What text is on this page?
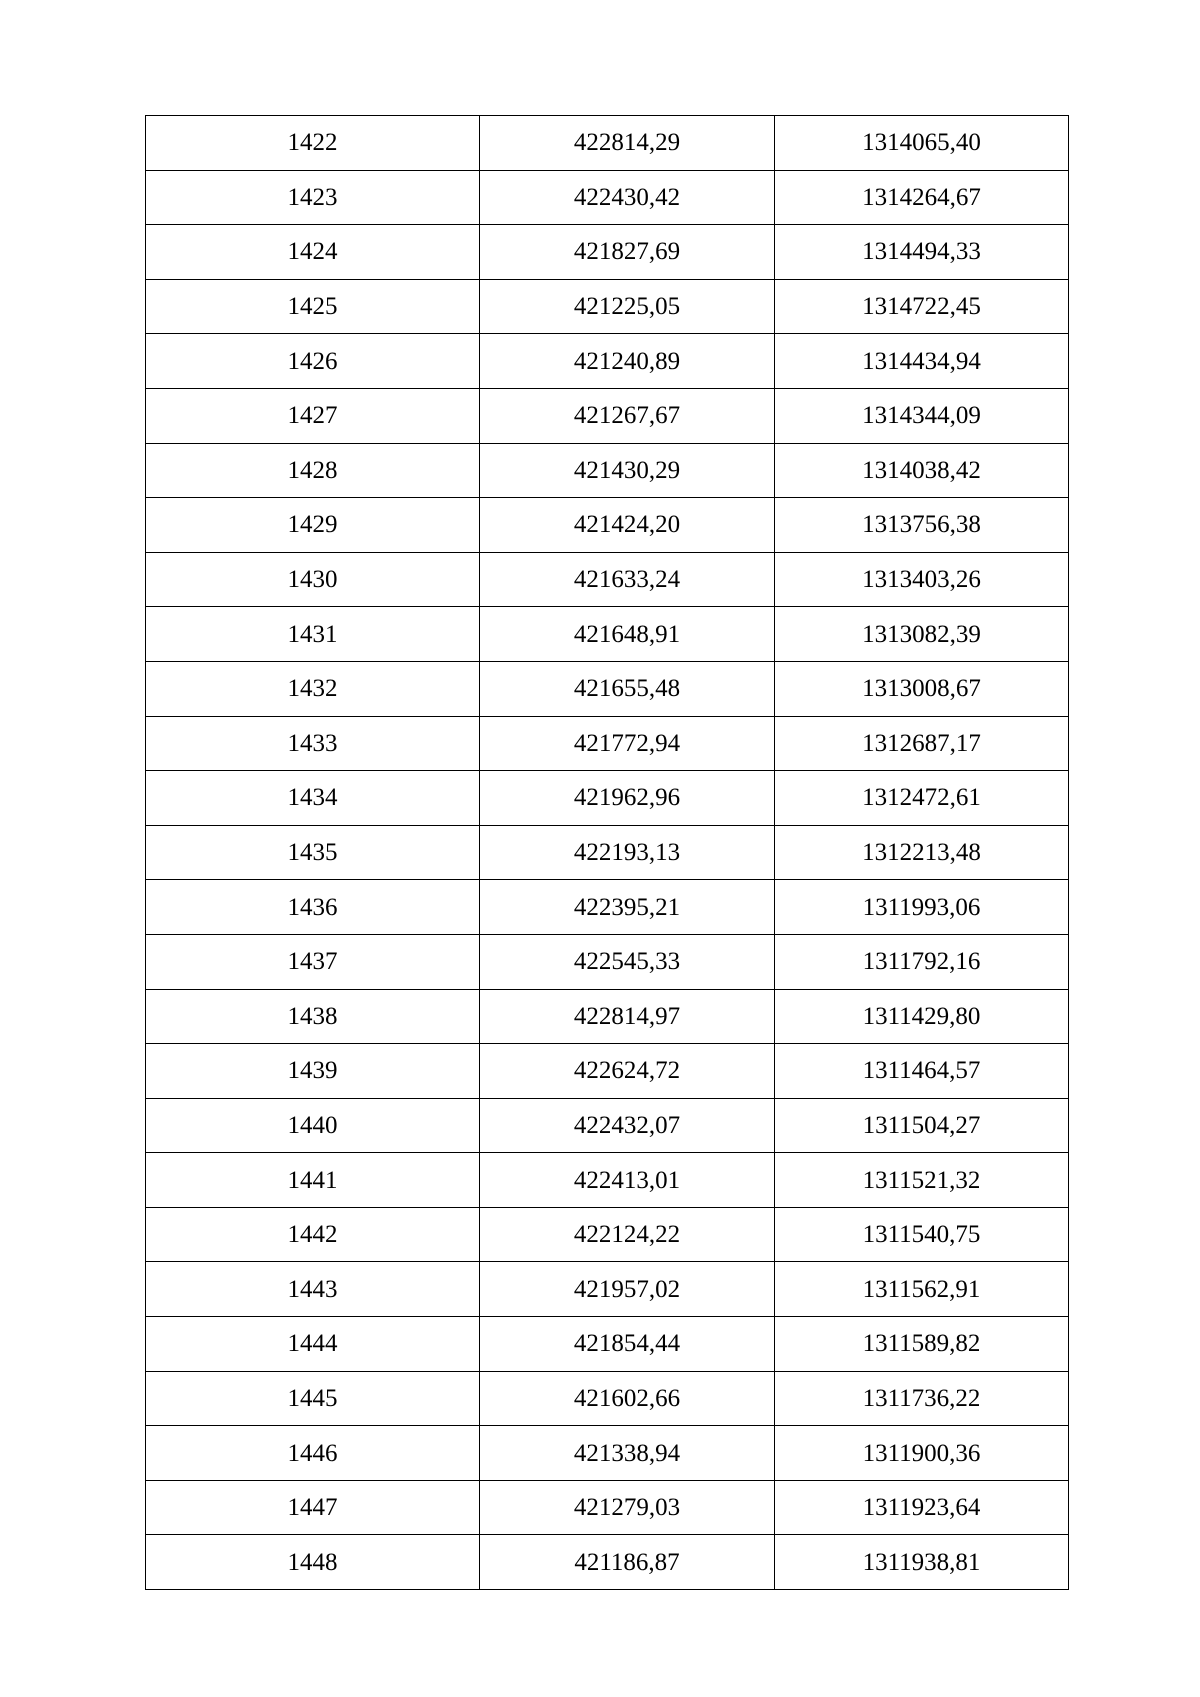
1422	422814,29	1314065,40
1423	422430,42	1314264,67
1424	421827,69	1314494,33
1425	421225,05	1314722,45
1426	421240,89	1314434,94
1427	421267,67	1314344,09
1428	421430,29	1314038,42
1429	421424,20	1313756,38
1430	421633,24	1313403,26
1431	421648,91	1313082,39
1432	421655,48	1313008,67
1433	421772,94	1312687,17
1434	421962,96	1312472,61
1435	422193,13	1312213,48
1436	422395,21	1311993,06
1437	422545,33	1311792,16
1438	422814,97	1311429,80
1439	422624,72	1311464,57
1440	422432,07	1311504,27
1441	422413,01	1311521,32
1442	422124,22	1311540,75
1443	421957,02	1311562,91
1444	421854,44	1311589,82
1445	421602,66	1311736,22
1446	421338,94	1311900,36
1447	421279,03	1311923,64
1448	421186,87	1311938,81
